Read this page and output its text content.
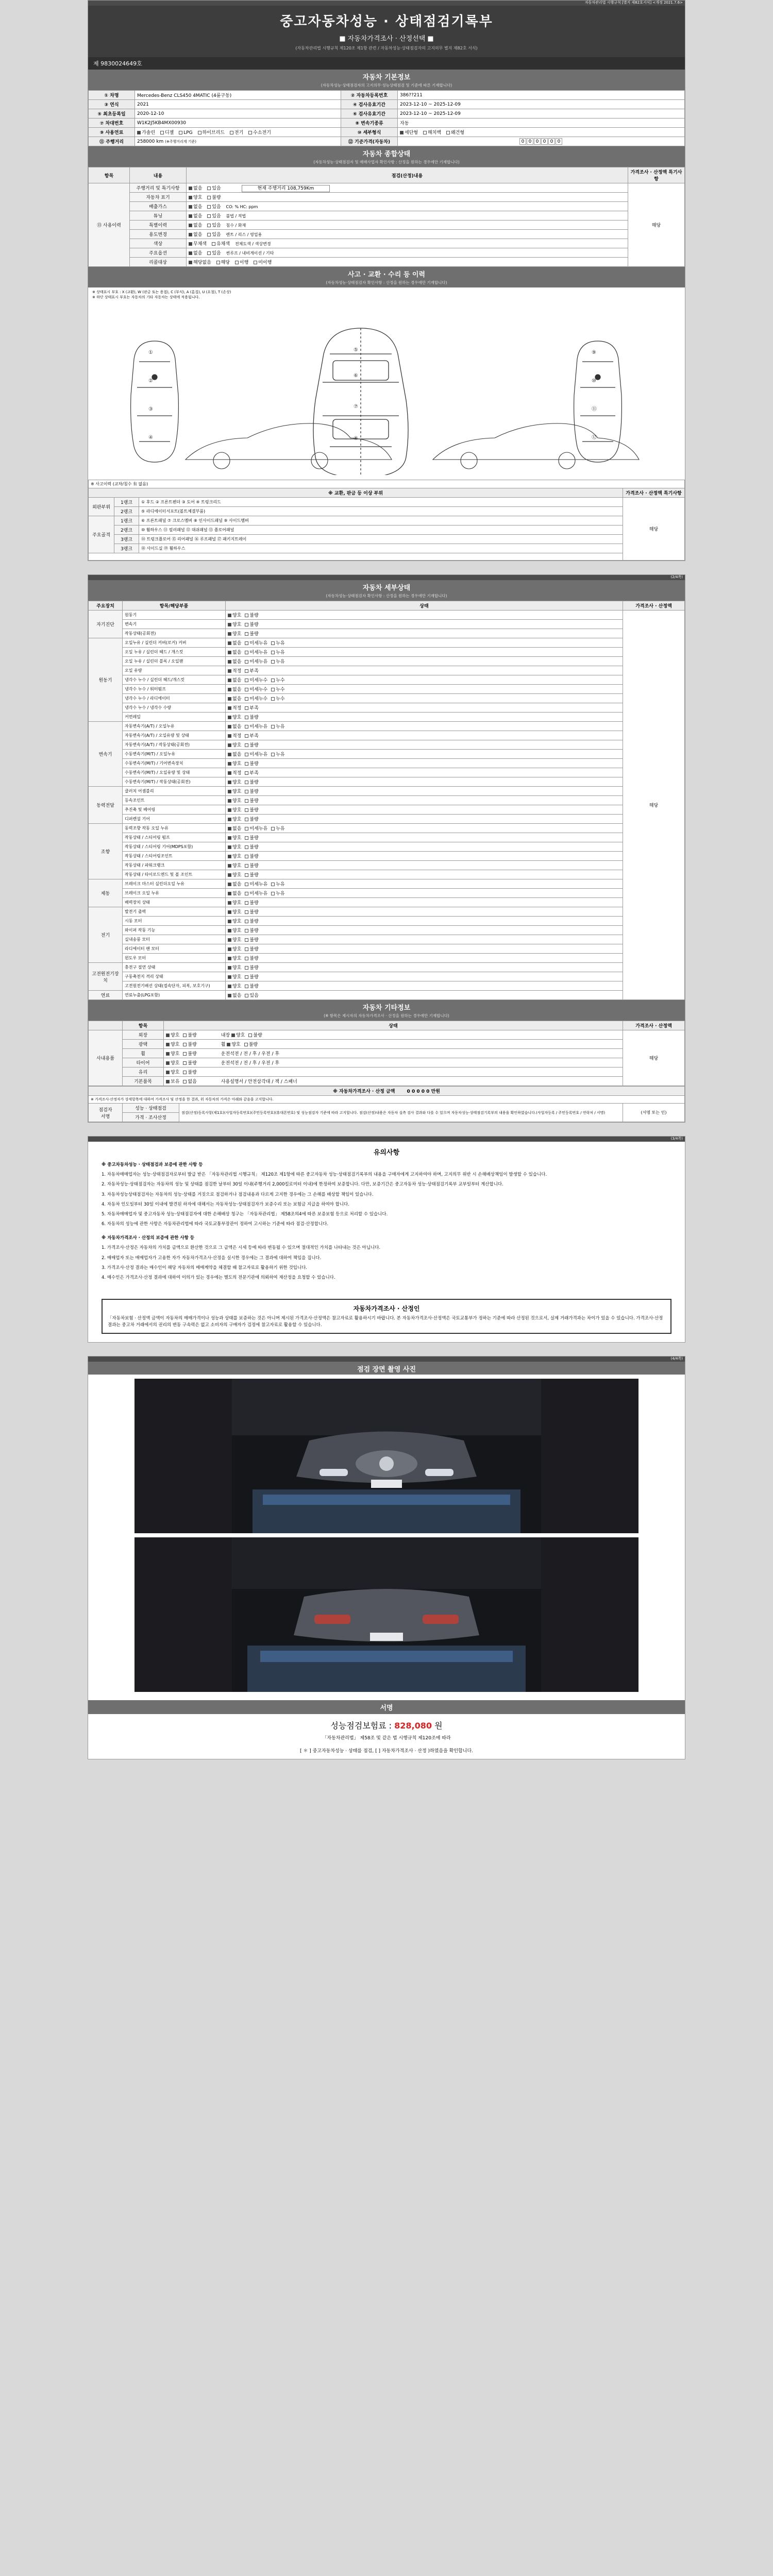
자동차관리법 시행규칙 [별지 제82호서식] <개정 2021.7.6>
중고자동차성능 · 상태점검기록부
■ 자동차가격조사 · 산정선택 ■
(자동차관리법 시행규칙 제120조 제1항 관련 / 자동차성능·상태점검자의 고지의무 별지 제82호 서식)
제 9830024649호
자동차 기본정보
(자동차성능·상태점검자의 고지의무·성능상태점검 및 기준에 따른 기재합니다)
① 차명	Mercedes-Benz CLS450 4MATIC (4륜구동)	② 자동차등록번호	386??211
③ 연식	2021	④ 검사유효기간	2023-12-10 ~ 2025-12-09
⑤ 최초등록일	2020-12-10	⑥ 검사유효기간	2023-12-10 ~ 2025-12-09
⑦ 차대번호	W1K2J5KB4MX00930	⑧ 변속기종류	자동
⑨ 사용연료	가솔린 디젤 LPG 하이브리드 전기 수소전기	⑩ 세부형식	세단형 해치백 왜건형
⑪ 주행거리	258000 km (※주행거리계 기준)	⑫ 기준가격(자동차)	0 0 0 0 0 0
자동차 종합상태
(자동차성능·상태점검자 및 매매사업자 확인사항 : 산정을 원하는 경우에만 기재합니다)
항목	내용	점검(산정)내용	가격조사 · 산정액 특기사항
⑬ 사용이력	주행거리 및 특기사항	없음 있음 현재 주행거리 108,759Km	해당
	자동차 표기	양호 불량	
	배출가스	없음 있음 CO: % HC: ppm	
	튜닝	없음 있음 불법 / 적법	
	특별이력	없음 있음 침수 / 화재	
	용도변경	없음 있음 렌트 / 리스 / 영업용	
	색상	무채색 유채색 전체도색 / 색상변경	
	주요옵션	없음 있음 썬루프 / 내비게이션 / 기타	
	리콜대상	해당없음 해당 이행 미이행	
사고 · 교환 · 수리 등 이력
(자동차성능·상태점검자 확인사항 : 산정을 원하는 경우에만 기재합니다)
※ 상태표시 부호 : X (교환), W (판금 또는 용접), C (부식), A (흠집), U (요철), T (손상)
※ 하단 상태표시 부호는 자동차의 기타 자동차는 상태에 적용됩니다.
①
②
③
④
⑤
⑥
⑦
⑧
⑨
⑩
⑪
⑫
※ 사고이력 (교차/침수 有 없음)			
※ 교환, 판금 등 이상 부위			가격조사 · 산정액 특기사항
외판부위	1랭크	① 후드 ② 프론트펜더 ③ 도어 ④ 트렁크리드	해당
	2랭크	⑤ 라디에이터서포트(볼트체결부품)	
주요골격	1랭크	⑥ 프론트패널 ⑦ 크로스멤버 ⑧ 인사이드패널 ⑨ 사이드멤버	
	2랭크	⑩ 휠하우스 ⑪ 필러패널 ⑫ 대쉬패널 ⑬ 플로어패널	
	3랭크	⑭ 트렁크플로어 ⑮ 리어패널 ⑯ 루프패널 ⑰ 패키지트레이	
	3랭크	⑱ 사이드실 ⑲ 휠하우스	

(2/4쪽)
자동차 세부상태
(자동차성능·상태점검자 확인사항 : 산정을 원하는 경우에만 기재합니다)
주요장치	항목/해당부품	상태	가격조사 · 산정액
자기진단	원동기	양호 불량	해당
	변속기	양호 불량	
	작동상태(공회전)	양호 불량	
원동기	오일누유 / 실린더 커버(로커) 커버	없음 미세누유 누유	
	오일 누유 / 실린더 헤드 / 개스킷	없음 미세누유 누유	
	오일 누유 / 실린더 블록 / 오일팬	없음 미세누유 누유	
	오일 유량	적정 부족	
	냉각수 누수 / 실린더 헤드/개스킷	없음 미세누수 누수	
	냉각수 누수 / 워터펌프	없음 미세누수 누수	
	냉각수 누수 / 라디에이터	없음 미세누수 누수	
	냉각수 누수 / 냉각수 수량	적정 부족	
	커먼레일	양호 불량	
변속기	자동변속기(A/T) / 오일누유	없음 미세누유 누유	
	자동변속기(A/T) / 오일유량 및 상태	적정 부족	
	자동변속기(A/T) / 작동상태(공회전)	양호 불량	
	수동변속기(M/T) / 오일누유	없음 미세누유 누유	
	수동변속기(M/T) / 기어변속장치	양호 불량	
	수동변속기(M/T) / 오일유량 및 상태	적정 부족	
	수동변속기(M/T) / 작동상태(공회전)	양호 불량	
동력전달	클러치 어셈블리	양호 불량	
	등속조인트	양호 불량	
	추진축 및 베어링	양호 불량	
	디퍼렌셜 기어	양호 불량	
조향	동력조향 작동 오일 누유	없음 미세누유 누유	
	작동상태 / 스티어링 펌프	양호 불량	
	작동상태 / 스티어링 기어(MDPS포함)	양호 불량	
	작동상태 / 스티어링조인트	양호 불량	
	작동상태 / 파워크랭크	양호 불량	
	작동상태 / 타이로드엔드 및 볼 조인트	양호 불량	
제동	브레이크 마스터 실린더오일 누유	없음 미세누유 누유	
	브레이크 오일 누유	없음 미세누유 누유	
	배력장치 상태	양호 불량	
전기	발전기 출력	양호 불량	
	시동 모터	양호 불량	
	와이퍼 작동 기능	양호 불량	
	실내송풍 모터	양호 불량	
	라디에이터 팬 모터	양호 불량	
	윈도우 모터	양호 불량	
고전원전기장치	충전구 절연 상태	양호 불량	
	구동축전지 격리 상태	양호 불량	
	고전원전기배선 상태(접속단자, 피복, 보호기구)	양호 불량	
연료	연료누출(LPG포함)	없음 있음	
자동차 기타정보
(※ 항목은 제시자의 자동차가격조사 · 산정을 원하는 경우에만 기재합니다)
	항목	상태	가격조사 · 산정액
사내용품	외장	양호 불량 내장 양호 불량	해당
	광택	양호 불량 휠 양호 불량	
	휠	양호 불량 운전석전 / 전 / 후 / 우전 / 후	
	타이어	양호 불량 운전석전 / 전 / 후 / 우전 / 후	
	유리	양호 불량	
	기본품목	보유 없음 사용설명서 / 안전삼각대 / 잭 / 스패너	
※ 자동차가격조사 · 산정 금액	0 0 0 0 0 만원
※ 가격조사·산정자가 상세항목에 대하여 가격조사 및 산정을 한 결과, 위 자동차의 가격은 아래와 같음을 고지합니다.
점검자
서명	성능 · 상태점검	점검(산정)등록사항(제1호)(사업자등록번호)(주민등록번호)(휴대폰번호) 및 성능점검자 기준에 따라 고지합니다. 점검(산정)내용은 자동차 실측 검사 결과와 다를 수 있으며 자동차성능·상태점검기록부의 내용을 확인하였습니다.(사업자등록 / 주민등록번호 / 연락처 / 서명)	(서명 또는 인)
가격 · 조사산정
(3/4쪽)
유의사항

※ 중고차동차성능 · 상태점검과 보증에 관한 사항 등

1. 자동차매매업자는 성능·상태점검자로부터 발급 받은 「자동차관리법 시행규칙」 제120조 제1항에 따른 중고자동차 성능·상태점검기록부의 내용을 구매자에게 고지하여야 하며, 고지의무 위반 시 손해배상책임이 발생할 수 있습니다.

2. 자동차성능·상태점검자는 자동차의 성능 및 상태를 점검한 날부터 30일 이내(주행거리 2,000킬로미터 이내)에 한정하여 보증합니다. 다만, 보증기간은 중고자동차 성능·상태점검기록부 교부일부터 계산합니다.

3. 자동차성능상태점검자는 자동차의 성능·상태를 거짓으로 점검하거나 점검내용과 다르게 고지한 경우에는 그 손해를 배상할 책임이 있습니다.

4. 자동차 인도일부터 30일 이내에 발견된 하자에 대해서는 자동차성능·상태점검자가 보증수리 또는 보험금 지급을 하여야 합니다.

5. 자동차매매업자 및 중고자동차 성능·상태점검자에 대한 손해배상 청구는 「자동차관리법」 제58조의4에 따른 보증보험 등으로 처리할 수 있습니다.

6. 자동차의 성능에 관한 사항은 자동차관리법에 따라 국토교통부장관이 정하여 고시하는 기준에 따라 점검·산정합니다.

※ 자동차가격조사 · 산정의 보증에 관한 사항 등

1. 가격조사·산정은 자동차의 가치를 금액으로 환산한 것으로 그 금액은 시세 등에 따라 변동될 수 있으며 절대적인 가치를 나타내는 것은 아닙니다.

2. 매매업자 또는 매매업자가 고용한 자가 자동차가격조사·산정을 실시한 경우에는 그 결과에 대하여 책임을 집니다.

3. 가격조사·산정 결과는 매수인이 해당 자동차의 매매계약을 체결할 때 참고자료로 활용하기 위한 것입니다.

4. 매수인은 가격조사·산정 결과에 대하여 이의가 있는 경우에는 별도의 전문기관에 의뢰하여 재산정을 요청할 수 있습니다.

자동차가격조사 · 산정인
「자동차보험 · 산정액 금액이 자동차의 매매가격이나 성능과 상태를 보증하는 것은 아니며 제시된 가격조사·산정액은 참고자료로 활용하시기 바랍니다. 본 자동차가격조사·산정액은 국토교통부가 정하는 기준에 따라 산정된 것으로서, 실제 거래가격과는 차이가 있을 수 있습니다. 가격조사·산정 결과는 중고차 거래에서의 권리의 변동 구속력은 없고 소비자의 구매자가 검정에 참고자료로 활용할 수 있습니다.
(4/4쪽)
점검 장면 촬영 사진
서명
성능점검보험료 : 828,080 원
「자동차관리법」 제58조 및 같은 법 시행규칙 제120조에 따라
[ ＊ ] 중고자동차성능 · 상태를 점검, [ ] 자동차가격조사 · 산정 )하였음을 확인합니다.
